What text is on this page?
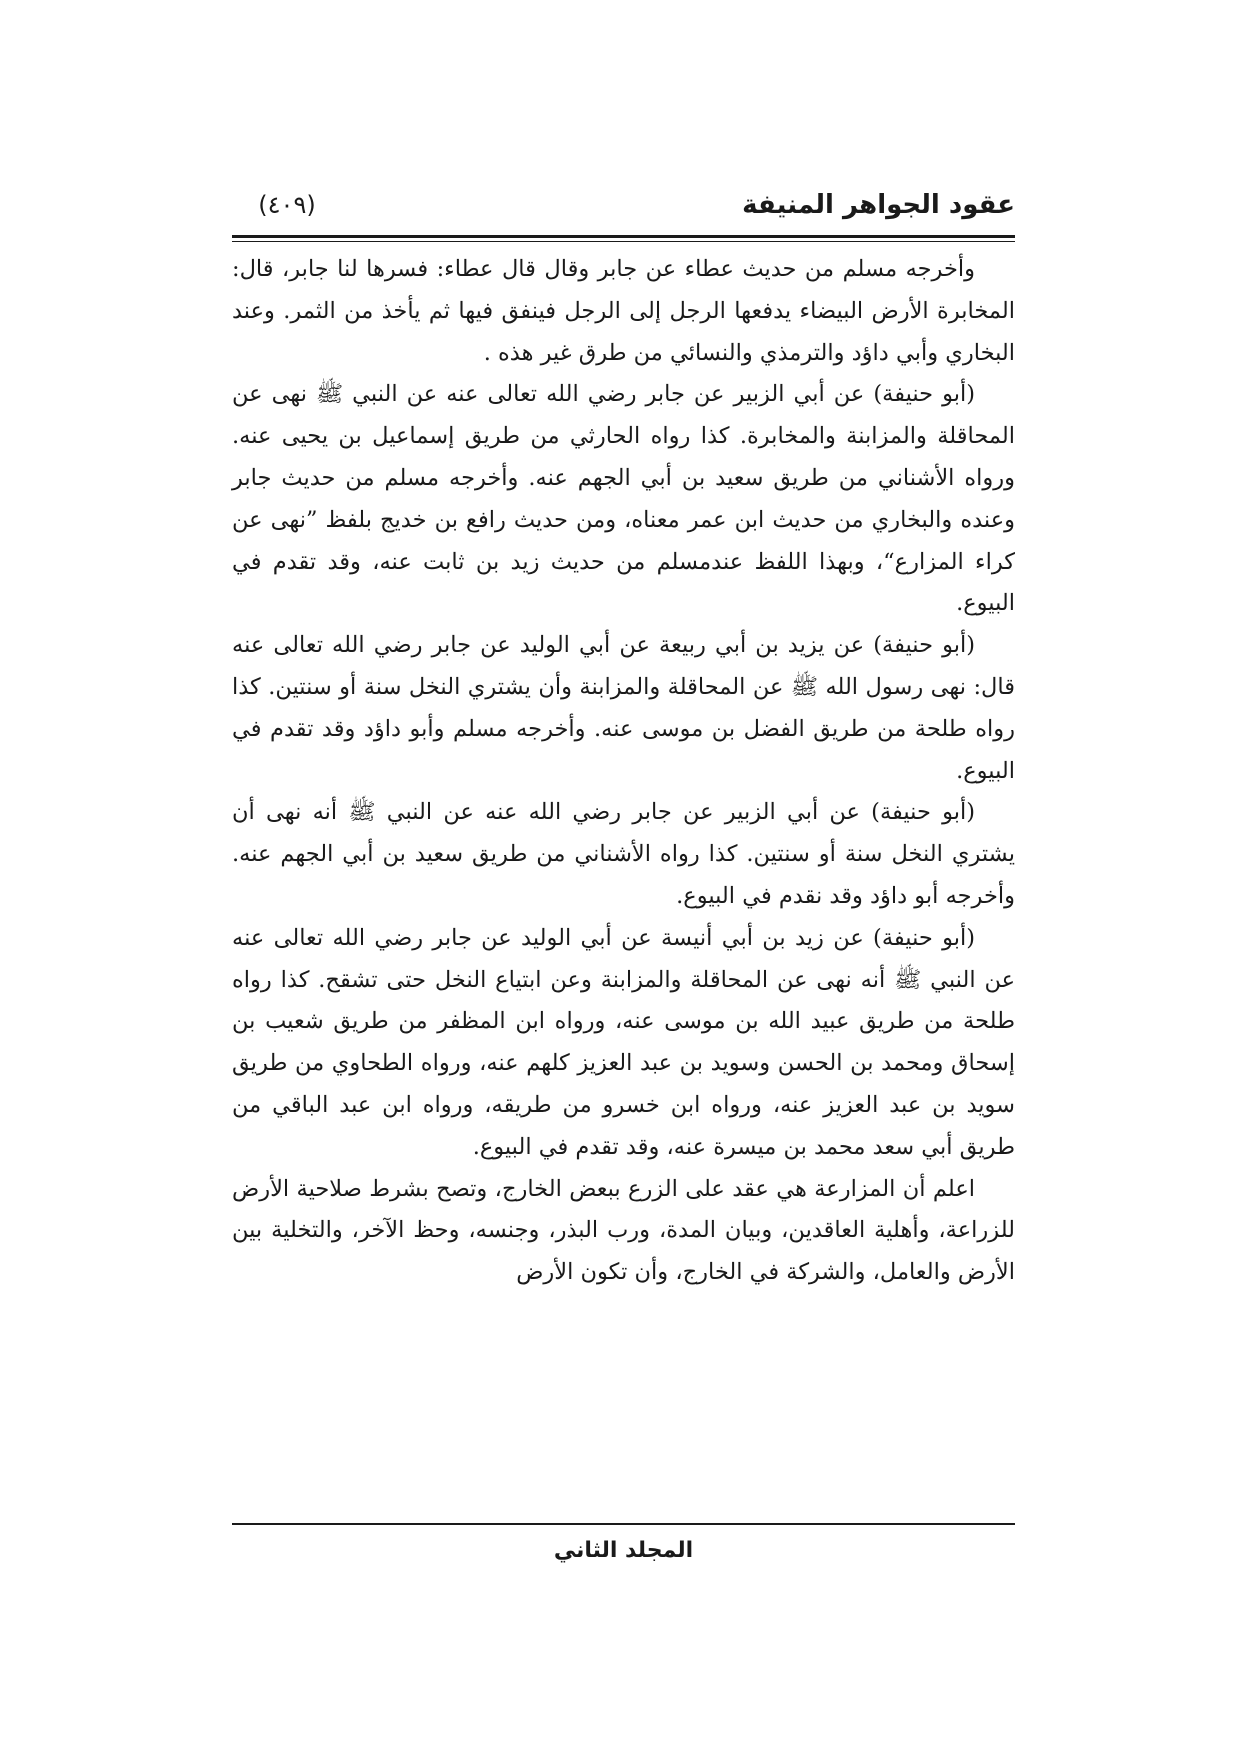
عقود الجواهر المنيفة
(٤٠٩)

وأخرجه مسلم من حديث عطاء عن جابر وقال قال عطاء: فسرها لنا جابر، قال: المخابرة الأرض البيضاء يدفعها الرجل إلى الرجل فينفق فيها ثم يأخذ من الثمر. وعند البخاري وأبي داؤد والترمذي والنسائي من طرق غير هذه .

(أبو حنيفة) عن أبي الزبير عن جابر رضي الله تعالى عنه عن النبي ﷺ نهى عن المحاقلة والمزابنة والمخابرة. كذا رواه الحارثي من طريق إسماعيل بن يحيى عنه. ورواه الأشناني من طريق سعيد بن أبي الجهم عنه. وأخرجه مسلم من حديث جابر وعنده والبخاري من حديث ابن عمر معناه، ومن حديث رافع بن خديج بلفظ ”نهى عن كراء المزارع“، وبهذا اللفظ عندمسلم من حديث زيد بن ثابت عنه، وقد تقدم في البيوع.

(أبو حنيفة) عن يزيد بن أبي ربيعة عن أبي الوليد عن جابر رضي الله تعالى عنه قال: نهى رسول الله ﷺ عن المحاقلة والمزابنة وأن يشتري النخل سنة أو سنتين. كذا رواه طلحة من طريق الفضل بن موسى عنه. وأخرجه مسلم وأبو داؤد وقد تقدم في البيوع.

(أبو حنيفة) عن أبي الزبير عن جابر رضي الله عنه عن النبي ﷺ أنه نهى أن يشتري النخل سنة أو سنتين. كذا رواه الأشناني من طريق سعيد بن أبي الجهم عنه. وأخرجه أبو داؤد وقد نقدم في البيوع.

(أبو حنيفة) عن زيد بن أبي أنيسة عن أبي الوليد عن جابر رضي الله تعالى عنه عن النبي ﷺ أنه نهى عن المحاقلة والمزابنة وعن ابتياع النخل حتى تشقح. كذا رواه طلحة من طريق عبيد الله بن موسى عنه، ورواه ابن المظفر من طريق شعيب بن إسحاق ومحمد بن الحسن وسويد بن عبد العزيز كلهم عنه، ورواه الطحاوي من طريق سويد بن عبد العزيز عنه، ورواه ابن خسرو من طريقه، ورواه ابن عبد الباقي من طريق أبي سعد محمد بن ميسرة عنه، وقد تقدم في البيوع.

اعلم أن المزارعة هي عقد على الزرع ببعض الخارج، وتصح بشرط صلاحية الأرض للزراعة، وأهلية العاقدين، وبيان المدة، ورب البذر، وجنسه، وحظ الآخر، والتخلية بين الأرض والعامل، والشركة في الخارج، وأن تكون الأرض

المجلد الثاني
